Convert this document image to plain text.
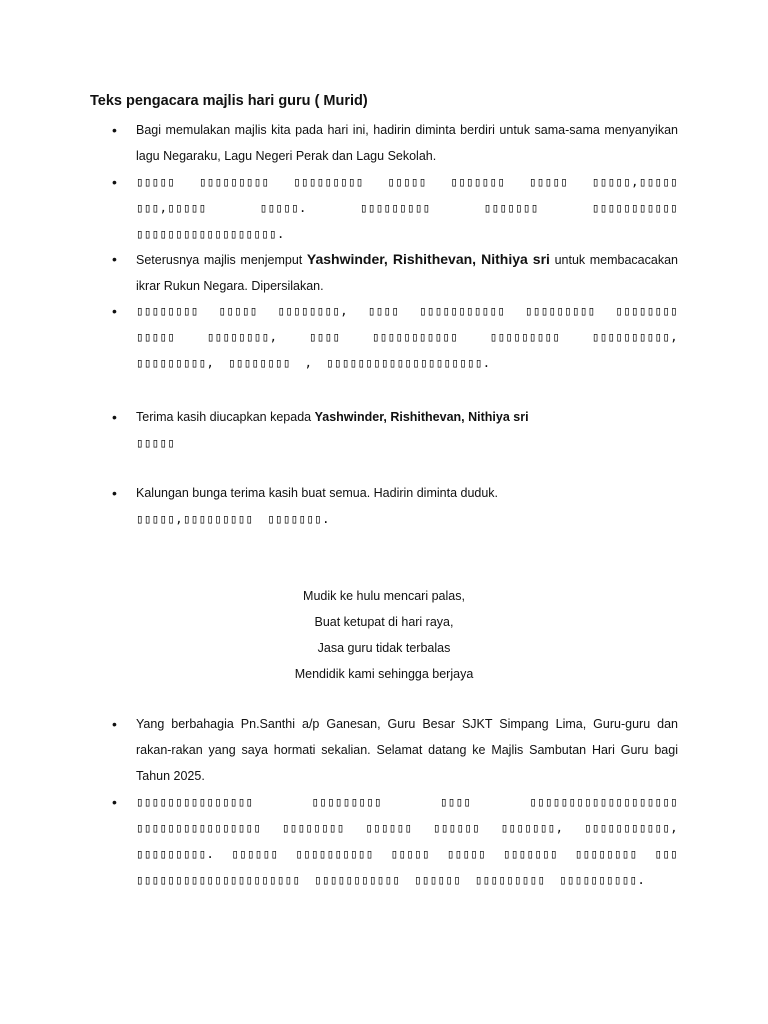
Teks pengacara majlis hari guru ( Murid)
• Bagi memulakan majlis kita pada hari ini, hadirin diminta berdiri untuk sama-sama menyanyikan lagu Negaraku, Lagu Negeri Perak dan Lagu Sekolah.
• ▯▯▯▯▯ ▯▯▯▯▯▯▯▯▯ ▯▯▯▯▯▯▯▯▯ ▯▯▯▯▯ ▯▯▯▯▯▯▯ ▯▯▯▯▯ ▯▯▯▯▯,▯▯▯▯▯ ▯▯▯,▯▯▯▯▯ ▯▯▯▯▯. ▯▯▯▯▯▯▯▯▯ ▯▯▯▯▯▯▯ ▯▯▯▯▯▯▯▯▯▯▯ ▯▯▯▯▯▯▯▯▯▯▯▯▯▯▯▯▯▯.
• Seterusnya majlis menjemput Yashwinder, Rishithevan, Nithiya sri untuk membacacakan ikrar Rukun Negara. Dipersilakan.
• ▯▯▯▯▯▯▯▯ ▯▯▯▯▯ ▯▯▯▯▯▯▯▯, ▯▯▯▯ ▯▯▯▯▯▯▯▯▯▯▯ ▯▯▯▯▯▯▯▯▯ ▯▯▯▯▯▯▯▯ ▯▯▯▯▯ ▯▯▯▯▯▯▯▯, ▯▯▯▯ ▯▯▯▯▯▯▯▯▯▯▯ ▯▯▯▯▯▯▯▯▯ ▯▯▯▯▯▯▯▯▯▯, ▯▯▯▯▯▯▯▯▯, ▯▯▯▯▯▯▯▯ , ▯▯▯▯▯▯▯▯▯▯▯▯▯▯▯▯▯▯▯▯.
• Terima kasih diucapkan kepada Yashwinder, Rishithevan, Nithiya sri
▯▯▯▯▯
• Kalungan bunga terima kasih buat semua. Hadirin diminta duduk.
▯▯▯▯▯,▯▯▯▯▯▯▯▯▯ ▯▯▯▯▯▯▯.
Mudik ke hulu mencari palas,
Buat ketupat di hari raya,
Jasa guru tidak terbalas
Mendidik kami sehingga berjaya
• Yang berbahagia Pn.Santhi a/p Ganesan, Guru Besar SJKT Simpang Lima, Guru-guru dan rakan-rakan yang saya hormati sekalian. Selamat datang ke Majlis Sambutan Hari Guru bagi Tahun 2025.
• ▯▯▯▯▯▯▯▯▯▯▯▯▯▯▯ ▯▯▯▯▯▯▯▯▯ ▯▯▯▯ ▯▯▯▯▯▯▯▯▯▯▯▯▯▯▯▯▯▯▯ ▯▯▯▯▯▯▯▯▯▯▯▯▯▯▯▯ ▯▯▯▯▯▯▯▯ ▯▯▯▯▯▯ ▯▯▯▯▯▯ ▯▯▯▯▯▯▯, ▯▯▯▯▯▯▯▯▯▯▯, ▯▯▯▯▯▯▯▯▯. ▯▯▯▯▯▯ ▯▯▯▯▯▯▯▯▯▯ ▯▯▯▯▯ ▯▯▯▯▯ ▯▯▯▯▯▯▯ ▯▯▯▯▯▯▯▯ ▯▯▯ ▯▯▯▯▯▯▯▯▯▯▯▯▯▯▯▯▯▯▯▯▯ ▯▯▯▯▯▯▯▯▯▯▯ ▯▯▯▯▯▯ ▯▯▯▯▯▯▯▯▯ ▯▯▯▯▯▯▯▯▯▯.
